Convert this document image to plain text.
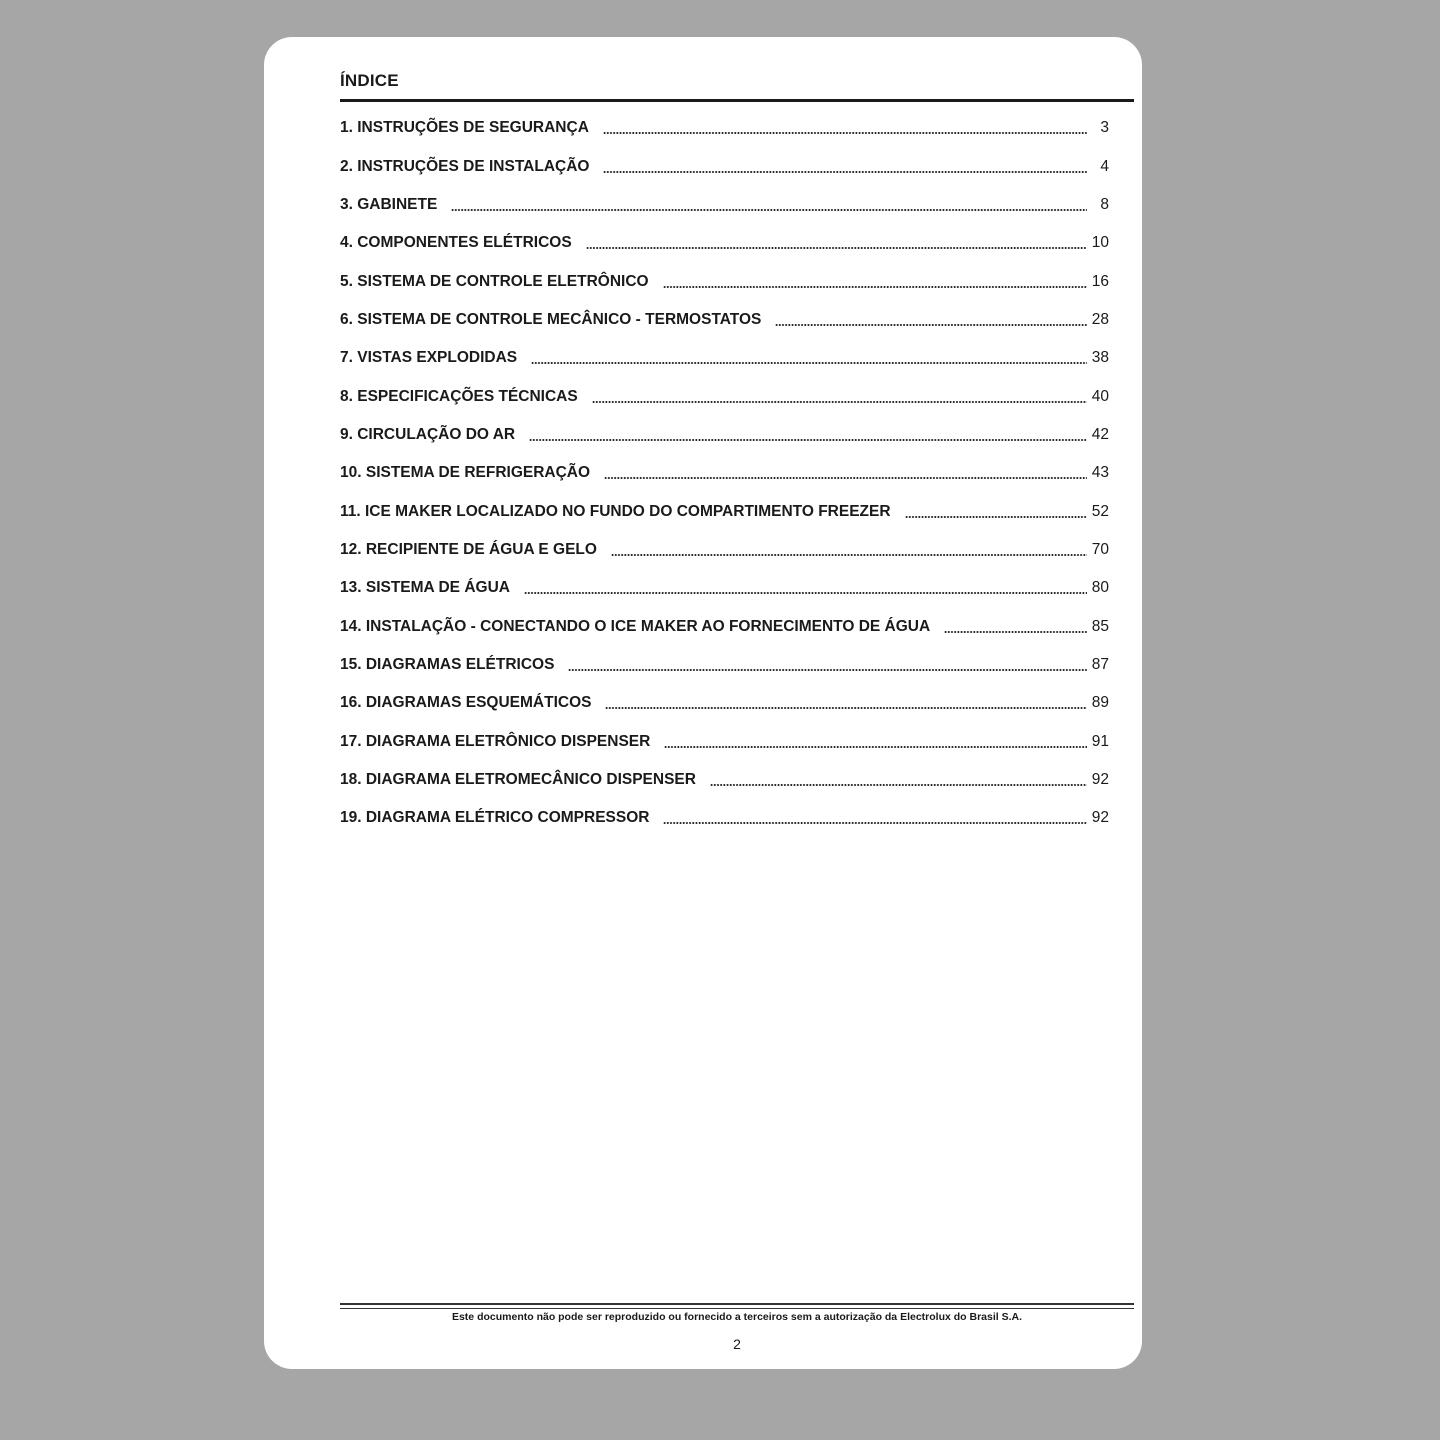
ÍNDICE
1. INSTRUÇÕES DE SEGURANÇA	3
2. INSTRUÇÕES DE INSTALAÇÃO	4
3. GABINETE	8
4. COMPONENTES ELÉTRICOS	10
5. SISTEMA DE CONTROLE ELETRÔNICO	16
6. SISTEMA DE CONTROLE MECÂNICO - TERMOSTATOS	28
7. VISTAS EXPLODIDAS	38
8. ESPECIFICAÇÕES TÉCNICAS	40
9. CIRCULAÇÃO DO AR	42
10. SISTEMA DE REFRIGERAÇÃO	43
11. ICE MAKER LOCALIZADO NO FUNDO DO COMPARTIMENTO FREEZER	52
12. RECIPIENTE DE ÁGUA E GELO	70
13. SISTEMA DE ÁGUA	80
14. INSTALAÇÃO - CONECTANDO O ICE MAKER AO FORNECIMENTO DE ÁGUA	85
15. DIAGRAMAS ELÉTRICOS	87
16. DIAGRAMAS ESQUEMÁTICOS	89
17. DIAGRAMA ELETRÔNICO DISPENSER	91
18. DIAGRAMA ELETROMECÂNICO DISPENSER	92
19. DIAGRAMA ELÉTRICO COMPRESSOR	92
Este documento não pode ser reproduzido ou fornecido a terceiros sem a autorização da Electrolux do Brasil S.A.
2
